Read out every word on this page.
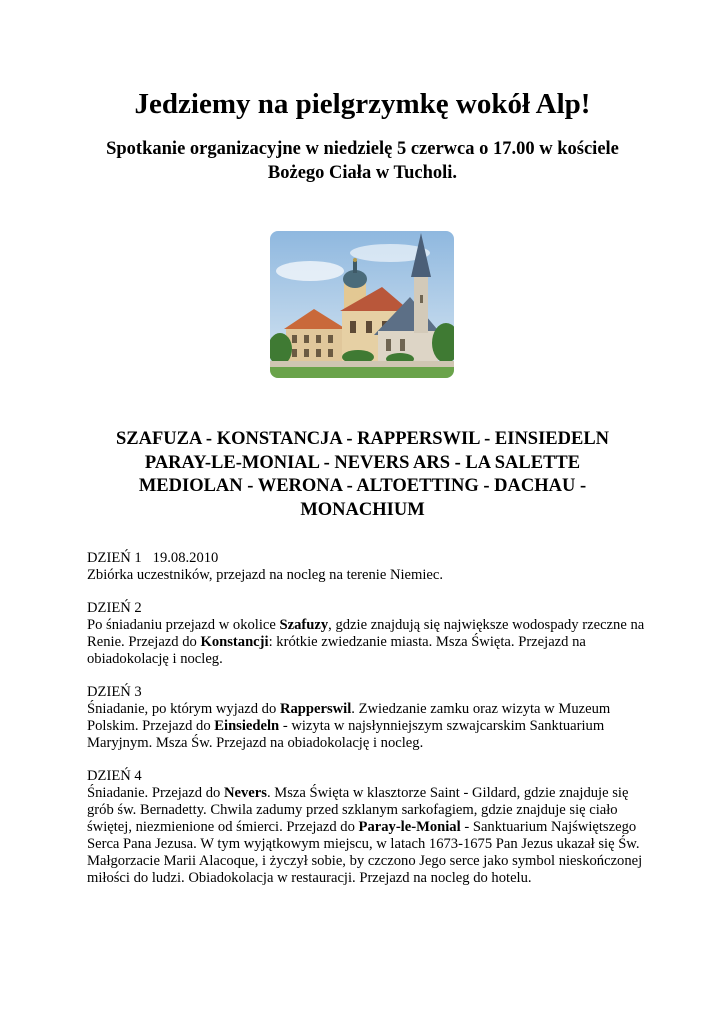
Jedziemy na pielgrzymkę wokół Alp!
Spotkanie organizacyjne w niedzielę 5 czerwca o 17.00 w kościele Bożego Ciała w Tucholi.
SZAFUZA - KONSTANCJA - RAPPERSWIL - EINSIEDELN
PARAY-LE-MONIAL - NEVERS ARS - LA SALETTE
MEDIOLAN - WERONA - ALTOETTING - DACHAU -
MONACHIUM
DZIEŃ 1   19.08.2010
Zbiórka uczestników, przejazd na nocleg na terenie Niemiec.
DZIEŃ 2
Po śniadaniu przejazd w okolice Szafuzy, gdzie znajdują się największe wodospady rzeczne na Renie. Przejazd do Konstancji: krótkie zwiedzanie miasta. Msza Święta. Przejazd na obiadokolację i nocleg.
DZIEŃ 3
Śniadanie, po którym wyjazd do Rapperswil. Zwiedzanie zamku oraz wizyta w Muzeum Polskim. Przejazd do Einsiedeln - wizyta w najsłynniejszym szwajcarskim Sanktuarium Maryjnym. Msza Św. Przejazd na obiadokolację i nocleg.
DZIEŃ 4
Śniadanie. Przejazd do Nevers. Msza Święta w klasztorze Saint - Gildard, gdzie znajduje się grób św. Bernadetty. Chwila zadumy przed szklanym sarkofagiem, gdzie znajduje się ciało świętej, niezmienione od śmierci. Przejazd do Paray-le-Monial - Sanktuarium Najświętszego Serca Pana Jezusa. W tym wyjątkowym miejscu, w latach 1673-1675 Pan Jezus ukazał się Św. Małgorzacie Marii Alacoque, i życzył sobie, by czczono Jego serce jako symbol nieskończonej miłości do ludzi. Obiadokolacja w restauracji. Przejazd na nocleg do hotelu.
